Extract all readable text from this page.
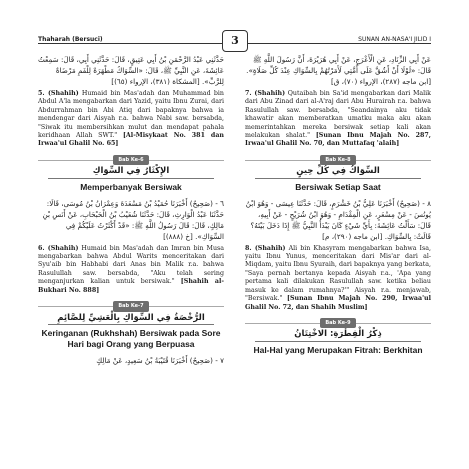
Thaharah (Bersuci)	SUNAN AN-NASA'I JILID I
3

حَدَّثَنِي عَبْدُ الرَّحْمَنِ بْنُ أَبِي عَتِيقٍ، قَالَ: حَدَّثَنِي أَبِي، قَالَ: سَمِعْتُ عَائِشَةَ، عَنِ النَّبِيِّ ﷺ، قَالَ: «السِّوَاكُ مَطْهَرَةٌ لِلْفَمِ مَرْضَاةٌ لِلرَّبِّ». [المشكاة (٣٨١)، الإرواء (٦٥)]

5. (Shahih) Humaid bin Mas'adah dan Muhammad bin Abdul A'la mengabarkan dari Yazid, yaitu Ibnu Zurai, dari Abdurrahman bin Abi Atiq dari bapaknya bahwa ia mendengar dari Aisyah r.a. bahwa Nabi saw. bersabda, "Siwak itu membersihkan mulut dan mendapat pahala keridhaan Allah SWT." [Al-Misykaat No. 381 dan Irwaa'ul Ghalil No. 65]

Bab Ke-6
الإِكْثَارُ فِي السِّوَاكِ
Memperbanyak Bersiwak

٦ - (صَحِيحٌ) أَخْبَرَنَا حُمَيْدُ بْنُ مَسْعَدَةَ وَعِمْرَانُ بْنُ مُوسَى، قَالَا: حَدَّثَنَا عَبْدُ الْوَارِثِ، قَالَ: حَدَّثَنَا شُعَيْبُ بْنُ الْحَبْحَابِ، عَنْ أَنَسِ بْنِ مَالِكٍ، قَالَ: قَالَ رَسُولُ اللَّهِ ﷺ: «قَدْ أَكْثَرْتُ عَلَيْكُمْ فِي السِّوَاكِ». [خ (٨٨٨)]

6. (Shahih) Humaid bin Mas'adah dan Imran bin Musa mengabarkan bahwa Abdul Warits menceritakan dari Syu'aib bin Habhabi dari Anas bin Malik r.a. bahwa Rasulullah saw. bersabda, "Aku telah sering menganjurkan kalian untuk bersiwak." [Shahih al-Bukhari No. 888]

Bab Ke-7
الرُّخْصَةُ فِي السِّوَاكِ بِالْعَشِيِّ لِلصَّائِمِ
Keringanan (Rukhshah) Bersiwak pada Sore Hari bagi Orang yang Berpuasa

٧ - (صَحِيحٌ) أَخْبَرَنَا قُتَيْبَةُ بْنُ سَعِيدٍ، عَنْ مَالِكٍ

عَنْ أَبِي الزِّنَادِ، عَنِ الْأَعْرَجِ، عَنْ أَبِي هُرَيْرَةَ، أَنَّ رَسُولَ اللَّهِ ﷺ قَالَ: «لَوْلَا أَنْ أَشُقَّ عَلَى أُمَّتِي لَأَمَرْتُهُمْ بِالسِّوَاكِ عِنْدَ كُلِّ صَلَاةٍ». [ابن ماجه (٢٨٧)، الإرواء (٧٠)، ق]

7. (Shahih) Qutaibah bin Sa'id mengabarkan dari Malik dari Abu Zinad dari al-A'raj dari Abu Hurairah r.a. bahwa Rasulullah saw. bersabda, "Seandainya aku tidak khawatir akan memberatkan umatku maka aku akan memerintahkan mereka bersiwak setiap kali akan melakukan shalat." [Sunan Ibnu Majah No. 287, Irwaa'ul Ghalil No. 70, dan Muttafaq 'alaih]

Bab Ke-8
السِّوَاكُ فِي كُلِّ حِينٍ
Bersiwak Setiap Saat

٨ - (صَحِيحٌ) أَخْبَرَنَا عَلِيُّ بْنُ خَشْرَمٍ، قَالَ: حَدَّثَنَا عِيسَى - وَهُوَ ابْنُ يُونُسَ - عَنْ مِسْعَرٍ، عَنِ الْمِقْدَامِ - وَهُوَ ابْنُ شُرَيْحٍ - عَنْ أَبِيهِ، قَالَ: سَأَلْتُ عَائِشَةَ: بِأَيِّ شَيْءٍ كَانَ يَبْدَأُ النَّبِيُّ ﷺ إِذَا دَخَلَ بَيْتَهُ؟ قَالَتْ: بِالسِّوَاكِ. [ابن ماجه (٢٩٠)، م]

8. (Shahih) Ali bin Khasyram mengabarkan bahwa Isa, yaitu Ibnu Yunus, menceritakan dari Mis'ar dari al-Miqdam, yaitu Ibnu Syuraih, dari bapaknya yang berkata, "Saya pernah bertanya kepada Aisyah r.a., 'Apa yang pertama kali dilakukan Rasulullah saw. ketika beliau masuk ke dalam rumahnya?'" Aisyah r.a. menjawab, "Bersiwak." [Sunan Ibnu Majah No. 290, Irwaa'ul Ghalil No. 72, dan Shahih Muslim]

Bab Ke-9
ذِكْرُ الْفِطْرَةِ: الاخْتِتَانُ
Hal-Hal yang Merupakan Fitrah: Berkhitan
